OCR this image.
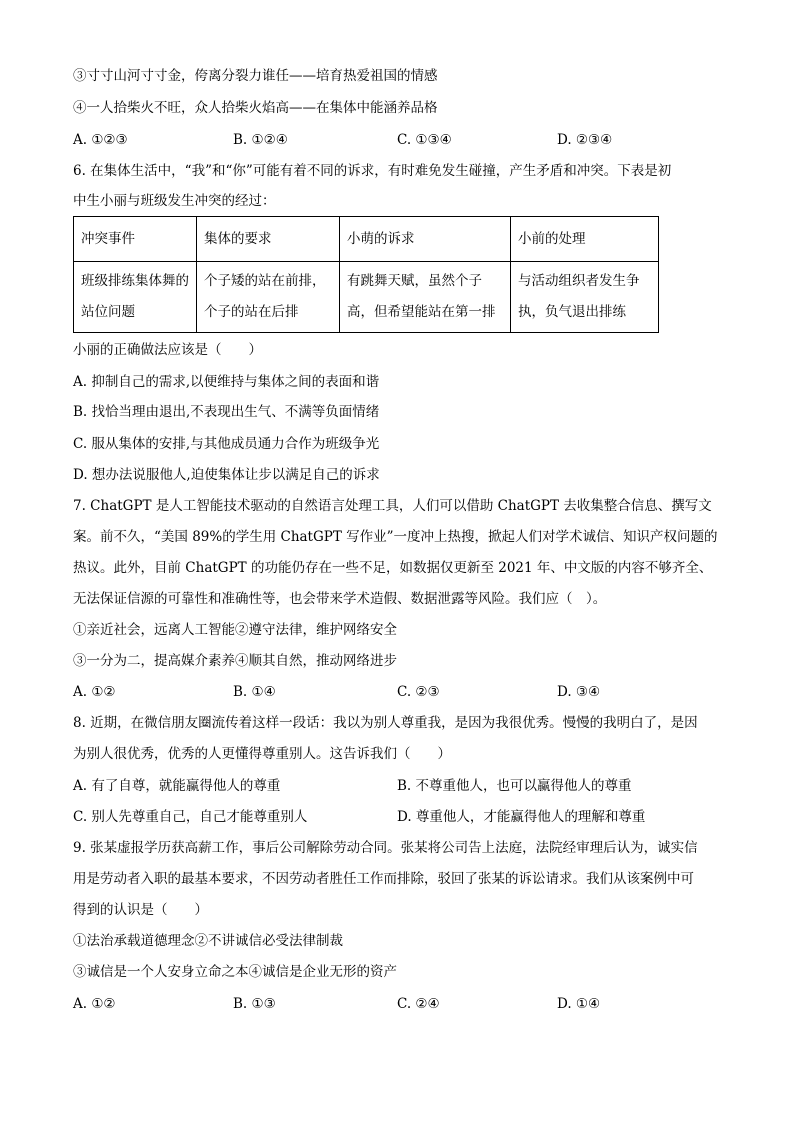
③寸寸山河寸寸金，侉离分裂力谁任——培育热爱祖国的情感
④一人拾柴火不旺，众人拾柴火焰高——在集体中能涵养品格
A. ①②③	B. ①②④	C. ①③④	D. ②③④
6. 在集体生活中，“我”和“你”可能有着不同的诉求，有时难免发生碰撞，产生矛盾和冲突。下表是初
中生小丽与班级发生冲突的经过：
冲突事件	集体的要求	小萌的诉求	小前的处理
班级排练集体舞的站位问题	个子矮的站在前排，个子的站在后排	有跳舞天赋，虽然个子高，但希望能站在第一排	与活动组织者发生争执，负气退出排练
小丽的正确做法应该是（　　）
A. 抑制自己的需求,以便维持与集体之间的表面和谐
B. 找恰当理由退出,不表现出生气、不满等负面情绪
C. 服从集体的安排,与其他成员通力合作为班级争光
D. 想办法说服他人,迫使集体让步以满足自己的诉求
7. ChatGPT 是人工智能技术驱动的自然语言处理工具，人们可以借助 ChatGPT 去收集整合信息、撰写文
案。前不久，“美国 89%的学生用 ChatGPT 写作业”一度冲上热搜，掀起人们对学术诚信、知识产权问题的
热议。此外，目前 ChatGPT 的功能仍存在一些不足，如数据仅更新至 2021 年、中文版的内容不够齐全、
无法保证信源的可靠性和准确性等，也会带来学术造假、数据泄露等风险。我们应（　）。
①亲近社会，远离人工智能②遵守法律，维护网络安全
③一分为二，提高媒介素养④顺其自然，推动网络进步
A. ①②	B. ①④	C. ②③	D. ③④
8. 近期，在微信朋友圈流传着这样一段话：我以为别人尊重我，是因为我很优秀。慢慢的我明白了，是因
为别人很优秀，优秀的人更懂得尊重别人。这告诉我们（　　）
A. 有了自尊，就能赢得他人的尊重	B. 不尊重他人，也可以赢得他人的尊重
C. 别人先尊重自己，自己才能尊重别人	D. 尊重他人，才能赢得他人的理解和尊重
9. 张某虚报学历获高薪工作，事后公司解除劳动合同。张某将公司告上法庭，法院经审理后认为，诚实信
用是劳动者入职的最基本要求，不因劳动者胜任工作而排除，驳回了张某的诉讼请求。我们从该案例中可
得到的认识是（　　）
①法治承载道德理念②不讲诚信必受法律制裁
③诚信是一个人安身立命之本④诚信是企业无形的资产
A. ①②	B. ①③	C. ②④	D. ①④
